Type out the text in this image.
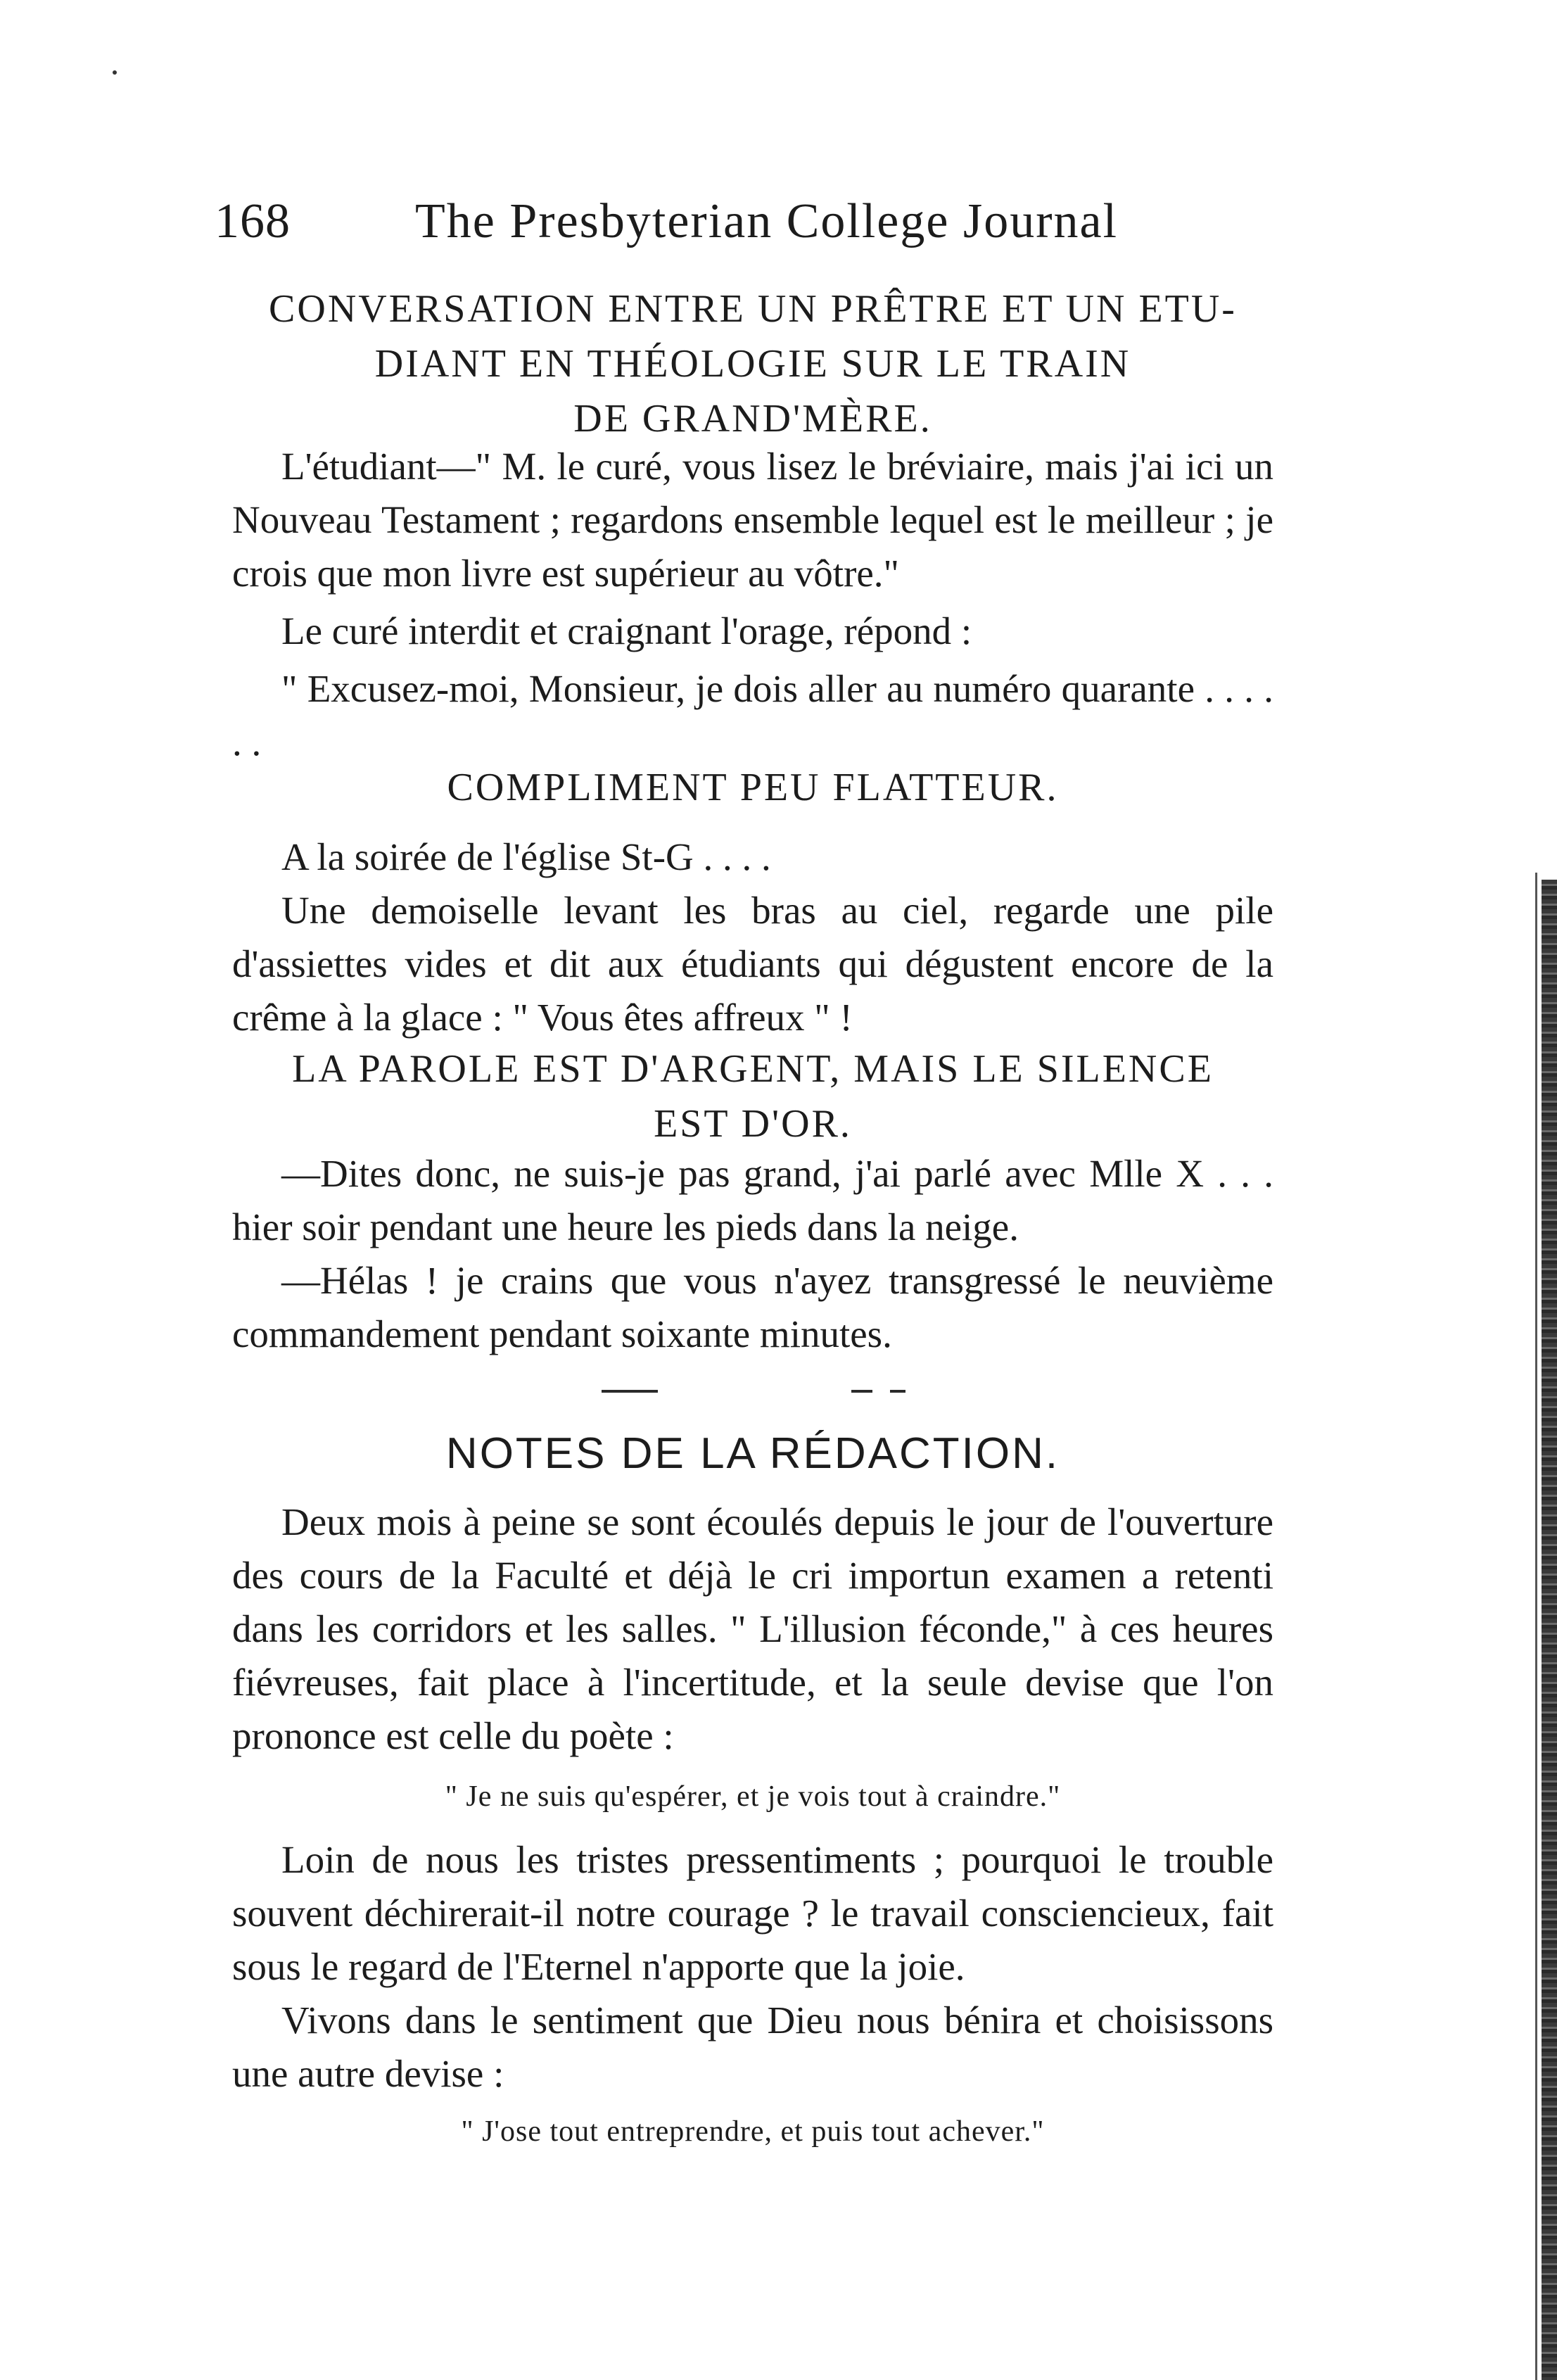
168	The Presbyterian College Journal
CONVERSATION ENTRE UN PRÊTRE ET UN ETU-
DIANT EN THÉOLOGIE SUR LE TRAIN
DE GRAND'MÈRE.

L'étudiant—" M. le curé, vous lisez le bréviaire, mais j'ai ici un Nouveau Testament ; regardons ensemble lequel est le meilleur ; je crois que mon livre est supérieur au vôtre."

Le curé interdit et craignant l'orage, répond :

" Excusez-moi, Monsieur, je dois aller au numéro quarante . . . . . .

COMPLIMENT PEU FLATTEUR.

A la soirée de l'église St-G . . . .

Une demoiselle levant les bras au ciel, regarde une pile d'assiettes vides et dit aux étudiants qui dégustent encore de la crême à la glace : " Vous êtes affreux " !

LA PAROLE EST D'ARGENT, MAIS LE SILENCE
EST D'OR.

—Dites donc, ne suis-je pas grand, j'ai parlé avec Mlle X . . . hier soir pendant une heure les pieds dans la neige.

—Hélas ! je crains que vous n'ayez transgressé le neuvième commandement pendant soixante minutes.

NOTES DE LA RÉDACTION.

Deux mois à peine se sont écoulés depuis le jour de l'ouverture des cours de la Faculté et déjà le cri importun examen a retenti dans les corridors et les salles. " L'illusion féconde," à ces heures fiévreuses, fait place à l'incertitude, et la seule devise que l'on prononce est celle du poète :

" Je ne suis qu'espérer, et je vois tout à craindre."

Loin de nous les tristes pressentiments ; pourquoi le trouble souvent déchirerait-il notre courage ? le travail consciencieux, fait sous le regard de l'Eternel n'apporte que la joie.

Vivons dans le sentiment que Dieu nous bénira et choisissons une autre devise :

" J'ose tout entreprendre, et puis tout achever."
